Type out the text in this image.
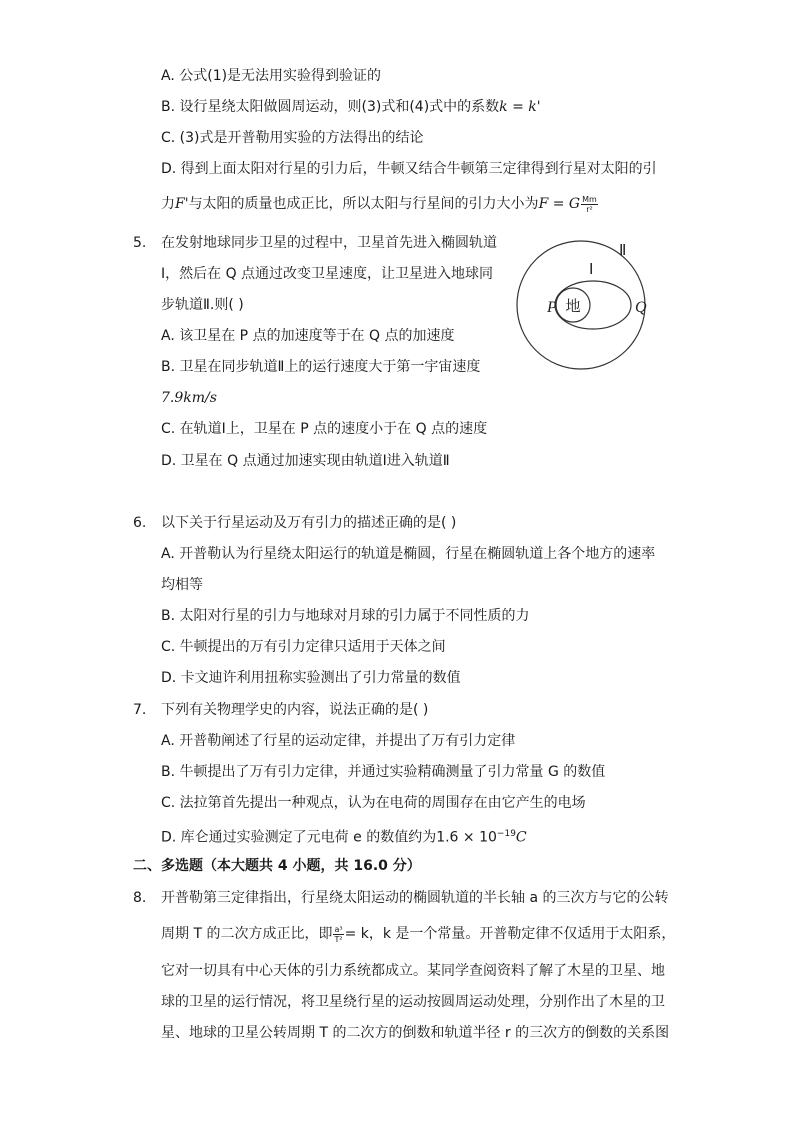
A. 公式(1)是无法用实验得到验证的
B. 设行星绕太阳做圆周运动，则(3)式和(4)式中的系数k = k'
C. (3)式是开普勒用实验的方法得出的结论
D. 得到上面太阳对行星的引力后，牛顿又结合牛顿第三定律得到行星对太阳的引
力F'与太阳的质量也成正比，所以太阳与行星间的引力大小为F = G $\frac{Mm}{\text{r²}}$
5. 在发射地球同步卫星的过程中，卫星首先进入椭圆轨道
Ⅰ，然后在 Q 点通过改变卫星速度，让卫星进入地球同
步轨道Ⅱ.则( )
A. 该卫星在 P 点的加速度等于在 Q 点的加速度
B. 卫星在同步轨道Ⅱ上的运行速度大于第一宇宙速度
7.9km/s
C. 在轨道Ⅰ上，卫星在 P 点的速度小于在 Q 点的速度
D. 卫星在 Q 点通过加速实现由轨道Ⅰ进入轨道Ⅱ
地
Ⅱ
Ⅰ
P	Q
6. 以下关于行星运动及万有引力的描述正确的是( )
A. 开普勒认为行星绕太阳运行的轨道是椭圆，行星在椭圆轨道上各个地方的速率
均相等
B. 太阳对行星的引力与地球对月球的引力属于不同性质的力
C. 牛顿提出的万有引力定律只适用于天体之间
D. 卡文迪许利用扭称实验测出了引力常量的数值
7. 下列有关物理学史的内容，说法正确的是( )
A. 开普勒阐述了行星的运动定律，并提出了万有引力定律
B. 牛顿提出了万有引力定律，并通过实验精确测量了引力常量 G 的数值
C. 法拉第首先提出一种观点，认为在电荷的周围存在由它产生的电场
D. 库仑通过实验测定了元电荷 e 的数值约为$1.6 \times 10^{-19}C$
二、多选题（本大题共 4 小题，共 16.0 分）
8. 开普勒第三定律指出，行星绕太阳运动的椭圆轨道的半长轴 a 的三次方与它的公转
周期 T 的二次方成正比，即 $\frac{\text{a³}}{\text{T²}} = k$，k 是一个常量。开普勒定律不仅适用于太阳系，
它对一切具有中心天体的引力系统都成立。某同学查阅资料了解了木星的卫星、地
球的卫星的运行情况，将卫星绕行星的运动按圆周运动处理，分别作出了木星的卫
星、地球的卫星公转周期 T 的二次方的倒数和轨道半径 r 的三次方的倒数的关系图
